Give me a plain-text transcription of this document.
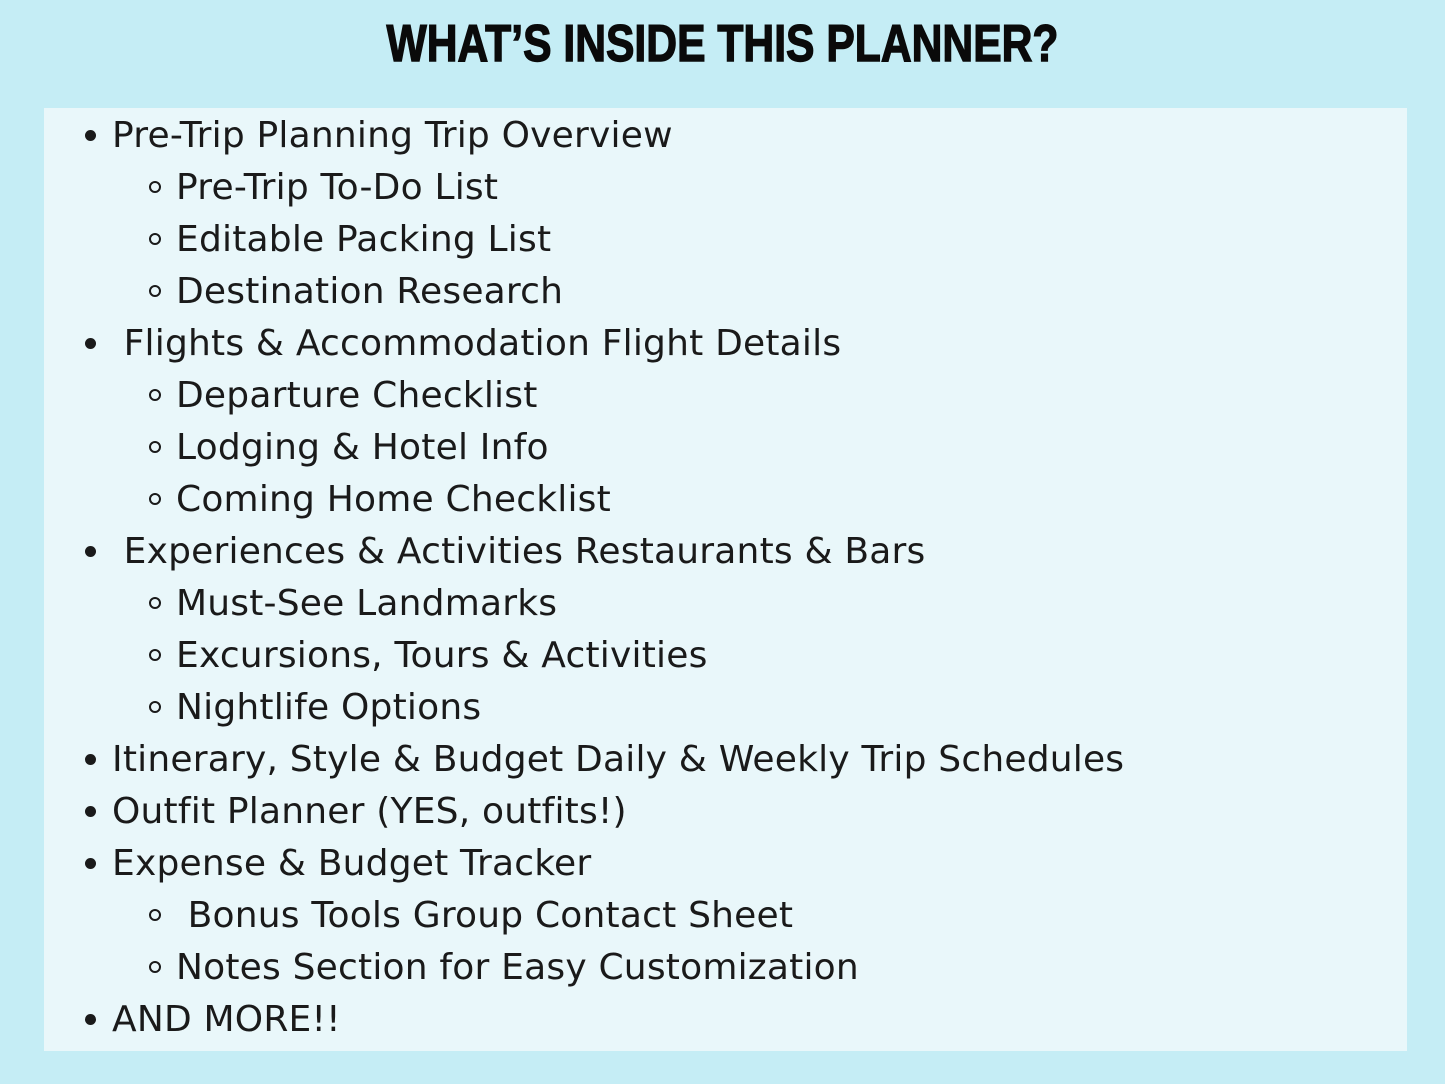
WHAT’S INSIDE THIS PLANNER?
Pre-Trip Planning Trip Overview
Pre-Trip To-Do List
Editable Packing List
Destination Research
Flights & Accommodation Flight Details
Departure Checklist
Lodging & Hotel Info
Coming Home Checklist
Experiences & Activities Restaurants & Bars
Must-See Landmarks
Excursions, Tours & Activities
Nightlife Options
Itinerary, Style & Budget Daily & Weekly Trip Schedules
Outfit Planner (YES, outfits!)
Expense & Budget Tracker
Bonus Tools Group Contact Sheet
Notes Section for Easy Customization
AND MORE!!
